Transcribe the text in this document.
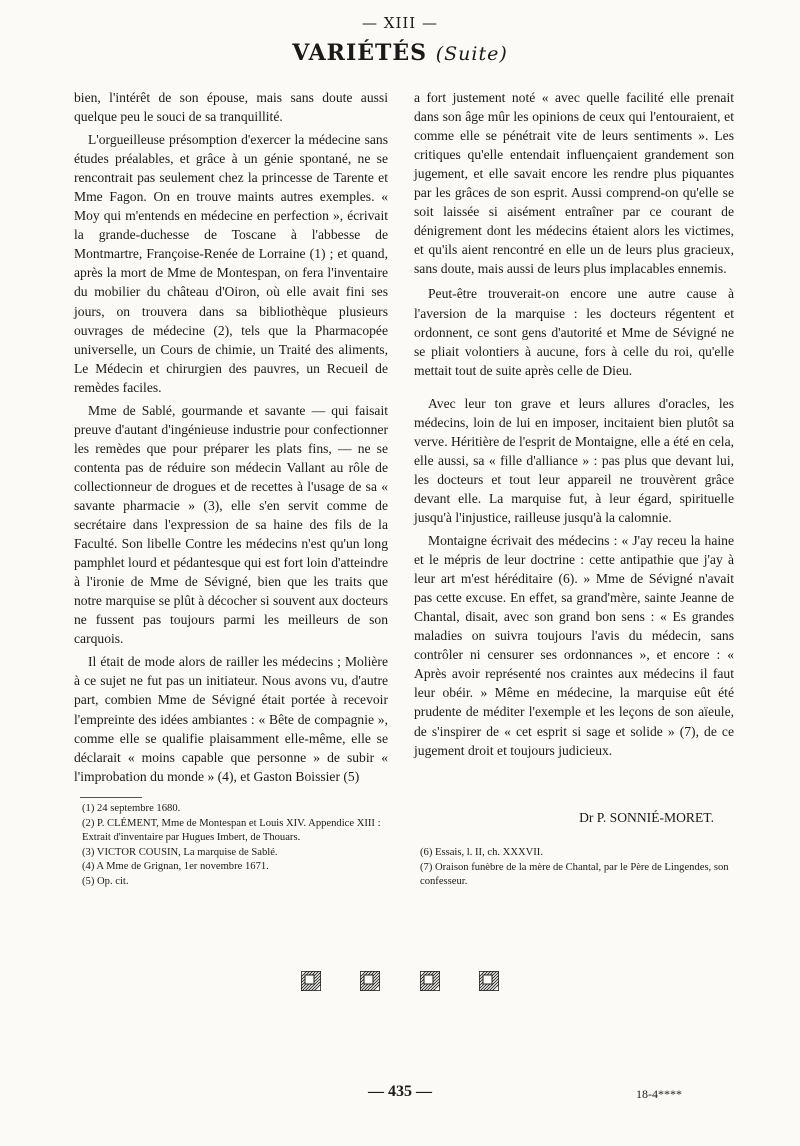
— XIII —
VARIÉTÉS (Suite)

bien, l'intérêt de son épouse, mais sans doute aussi quelque peu le souci de sa tranquillité.

L'orgueilleuse présomption d'exercer la médecine sans études préalables, et grâce à un génie spontané, ne se rencontrait pas seulement chez la princesse de Tarente et Mme Fagon. On en trouve maints autres exemples. « Moy qui m'entends en médecine en perfection », écrivait la grande-duchesse de Toscane à l'abbesse de Montmartre, Françoise-Renée de Lorraine (1) ; et quand, après la mort de Mme de Montespan, on fera l'inventaire du mobilier du château d'Oiron, où elle avait fini ses jours, on trouvera dans sa bibliothèque plusieurs ouvrages de médecine (2), tels que la Pharmacopée universelle, un Cours de chimie, un Traité des aliments, Le Médecin et chirurgien des pauvres, un Recueil de remèdes faciles.

Mme de Sablé, gourmande et savante — qui faisait preuve d'autant d'ingénieuse industrie pour confectionner les remèdes que pour préparer les plats fins, — ne se contenta pas de réduire son médecin Vallant au rôle de collectionneur de drogues et de recettes à l'usage de sa « savante pharmacie » (3), elle s'en servit comme de secrétaire dans l'expression de sa haine des fils de la Faculté. Son libelle Contre les médecins n'est qu'un long pamphlet lourd et pédantesque qui est fort loin d'atteindre à l'ironie de Mme de Sévigné, bien que les traits que notre marquise se plût à décocher si souvent aux docteurs ne fussent pas toujours parmi les meilleurs de son carquois.

Il était de mode alors de railler les médecins ; Molière à ce sujet ne fut pas un initiateur. Nous avons vu, d'autre part, combien Mme de Sévigné était portée à recevoir l'empreinte des idées ambiantes : « Bête de compagnie », comme elle se qualifie plaisamment elle-même, elle se déclarait « moins capable que personne » de subir « l'improbation du monde » (4), et Gaston Boissier (5)

(1) 24 septembre 1680.
(2) P. CLÉMENT, Mme de Montespan et Louis XIV. Appendice XIII : Extrait d'inventaire par Hugues Imbert, de Thouars.
(3) VICTOR COUSIN, La marquise de Sablé.
(4) A Mme de Grignan, 1er novembre 1671.
(5) Op. cit.

a fort justement noté « avec quelle facilité elle prenait dans son âge mûr les opinions de ceux qui l'entouraient, et comme elle se pénétrait vite de leurs sentiments ». Les critiques qu'elle entendait influençaient grandement son jugement, et elle savait encore les rendre plus piquantes par les grâces de son esprit. Aussi comprend-on qu'elle se soit laissée si aisément entraîner par ce courant de dénigrement dont les médecins étaient alors les victimes, et qu'ils aient rencontré en elle un de leurs plus gracieux, sans doute, mais aussi de leurs plus implacables ennemis.

Peut-être trouverait-on encore une autre cause à l'aversion de la marquise : les docteurs régentent et ordonnent, ce sont gens d'autorité et Mme de Sévigné ne se pliait volontiers à aucune, fors à celle du roi, qu'elle mettait tout de suite après celle de Dieu.

Avec leur ton grave et leurs allures d'oracles, les médecins, loin de lui en imposer, incitaient bien plutôt sa verve. Héritière de l'esprit de Montaigne, elle a été en cela, elle aussi, sa « fille d'alliance » : pas plus que devant lui, les docteurs et tout leur appareil ne trouvèrent grâce devant elle. La marquise fut, à leur égard, spirituelle jusqu'à l'injustice, railleuse jusqu'à la calomnie.

Montaigne écrivait des médecins : « J'ay receu la haine et le mépris de leur doctrine : cette antipathie que j'ay à leur art m'est héréditaire (6). » Mme de Sévigné n'avait pas cette excuse. En effet, sa grand'mère, sainte Jeanne de Chantal, disait, avec son grand bon sens : « Es grandes maladies on suivra toujours l'avis du médecin, sans contrôler ni censurer ses ordonnances », et encore : « Après avoir représenté nos craintes aux médecins il faut leur obéir. » Même en médecine, la marquise eût été prudente de méditer l'exemple et les leçons de son aïeule, de s'inspirer de « cet esprit si sage et solide » (7), de ce jugement droit et toujours judicieux.

Dr P. SONNIÉ-MORET.
(6) Essais, l. II, ch. XXXVII.
(7) Oraison funèbre de la mère de Chantal, par le Père de Lingendes, son confesseur.
— 435 —	18-4****
